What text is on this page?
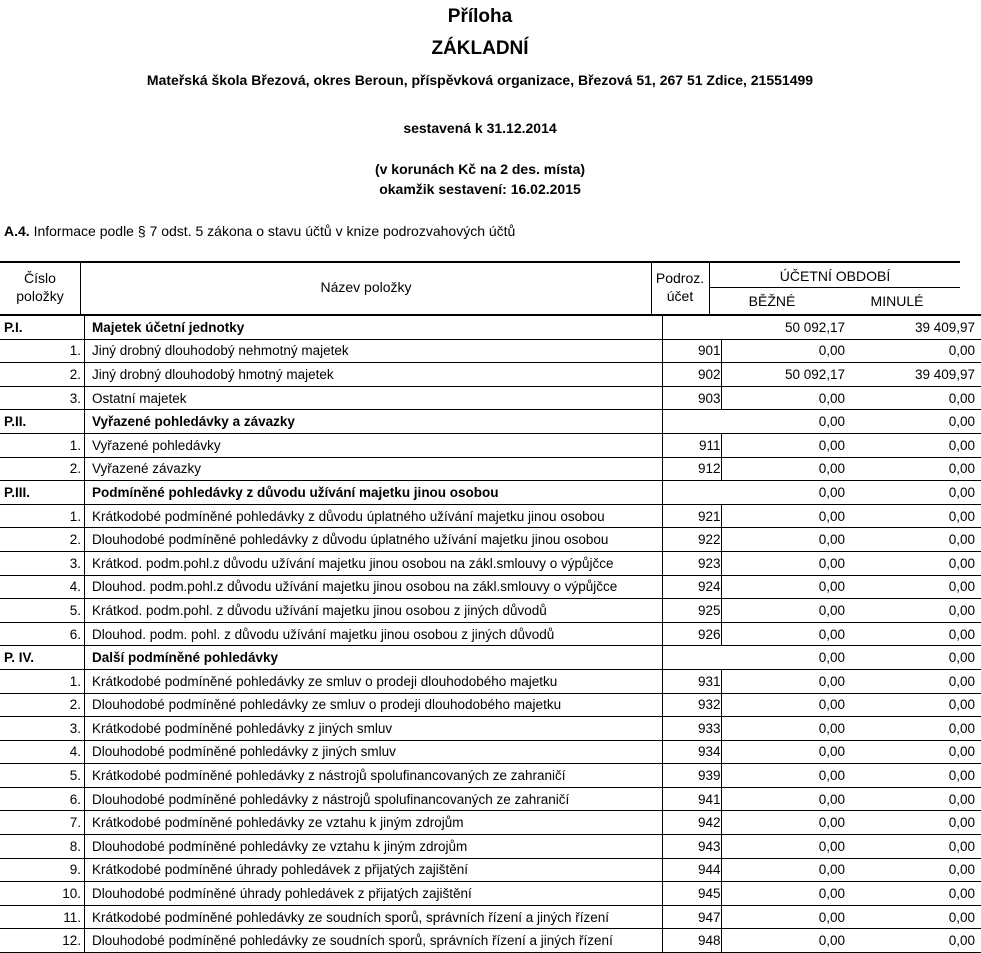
Příloha
ZÁKLADNÍ
Mateřská škola Březová, okres Beroun, příspěvková organizace, Březová 51, 267 51 Zdice, 21551499
sestavená k 31.12.2014
(v korunách Kč na 2 des. místa)
okamžik sestavení: 16.02.2015
A.4. Informace podle § 7 odst. 5 zákona o stavu účtů v knize podrozvahových účtů
Číslo
položky
Název položky
Podroz.
účet
ÚČETNÍ OBDOBÍ
BĚŽNÉ	MINULÉ
P.I.	Majetek účetní jednotky		50 092,17	39 409,97
1.	Jiný drobný dlouhodobý nehmotný majetek	901	0,00	0,00
2.	Jiný drobný dlouhodobý hmotný majetek	902	50 092,17	39 409,97
3.	Ostatní majetek	903	0,00	0,00
P.II.	Vyřazené pohledávky a závazky		0,00	0,00
1.	Vyřazené pohledávky	911	0,00	0,00
2.	Vyřazené závazky	912	0,00	0,00
P.III.	Podmíněné pohledávky z důvodu užívání majetku jinou osobou		0,00	0,00
1.	Krátkodobé podmíněné pohledávky z důvodu úplatného užívání majetku jinou osobou	921	0,00	0,00
2.	Dlouhodobé podmíněné pohledávky z důvodu úplatného užívání majetku jinou osobou	922	0,00	0,00
3.	Krátkod. podm.pohl.z důvodu užívání majetku jinou osobou na zákl.smlouvy o výpůjčce	923	0,00	0,00
4.	Dlouhod. podm.pohl.z důvodu užívání majetku jinou osobou na zákl.smlouvy o výpůjčce	924	0,00	0,00
5.	Krátkod. podm.pohl. z důvodu užívání majetku jinou osobou z jiných důvodů	925	0,00	0,00
6.	Dlouhod. podm. pohl. z důvodu užívání majetku jinou osobou z jiných důvodů	926	0,00	0,00
P. IV.	Další podmíněné pohledávky		0,00	0,00
1.	Krátkodobé podmíněné pohledávky ze smluv o prodeji dlouhodobého majetku	931	0,00	0,00
2.	Dlouhodobé podmíněné pohledávky ze smluv o prodeji dlouhodobého majetku	932	0,00	0,00
3.	Krátkodobé podmíněné pohledávky z jiných smluv	933	0,00	0,00
4.	Dlouhodobé podmíněné pohledávky z jiných smluv	934	0,00	0,00
5.	Krátkodobé podmíněné pohledávky z nástrojů spolufinancovaných ze zahraničí	939	0,00	0,00
6.	Dlouhodobé podmíněné pohledávky z nástrojů spolufinancovaných ze zahraničí	941	0,00	0,00
7.	Krátkodobé podmíněné pohledávky ze vztahu k jiným zdrojům	942	0,00	0,00
8.	Dlouhodobé podmíněné pohledávky ze vztahu k jiným zdrojům	943	0,00	0,00
9.	Krátkodobé podmíněné úhrady pohledávek z přijatých zajištění	944	0,00	0,00
10.	Dlouhodobé podmíněné úhrady pohledávek z přijatých zajištění	945	0,00	0,00
11.	Krátkodobé podmíněné pohledávky ze soudních sporů, správních řízení a jiných řízení	947	0,00	0,00
12.	Dlouhodobé podmíněné pohledávky ze soudních sporů, správních řízení a jiných řízení	948	0,00	0,00
